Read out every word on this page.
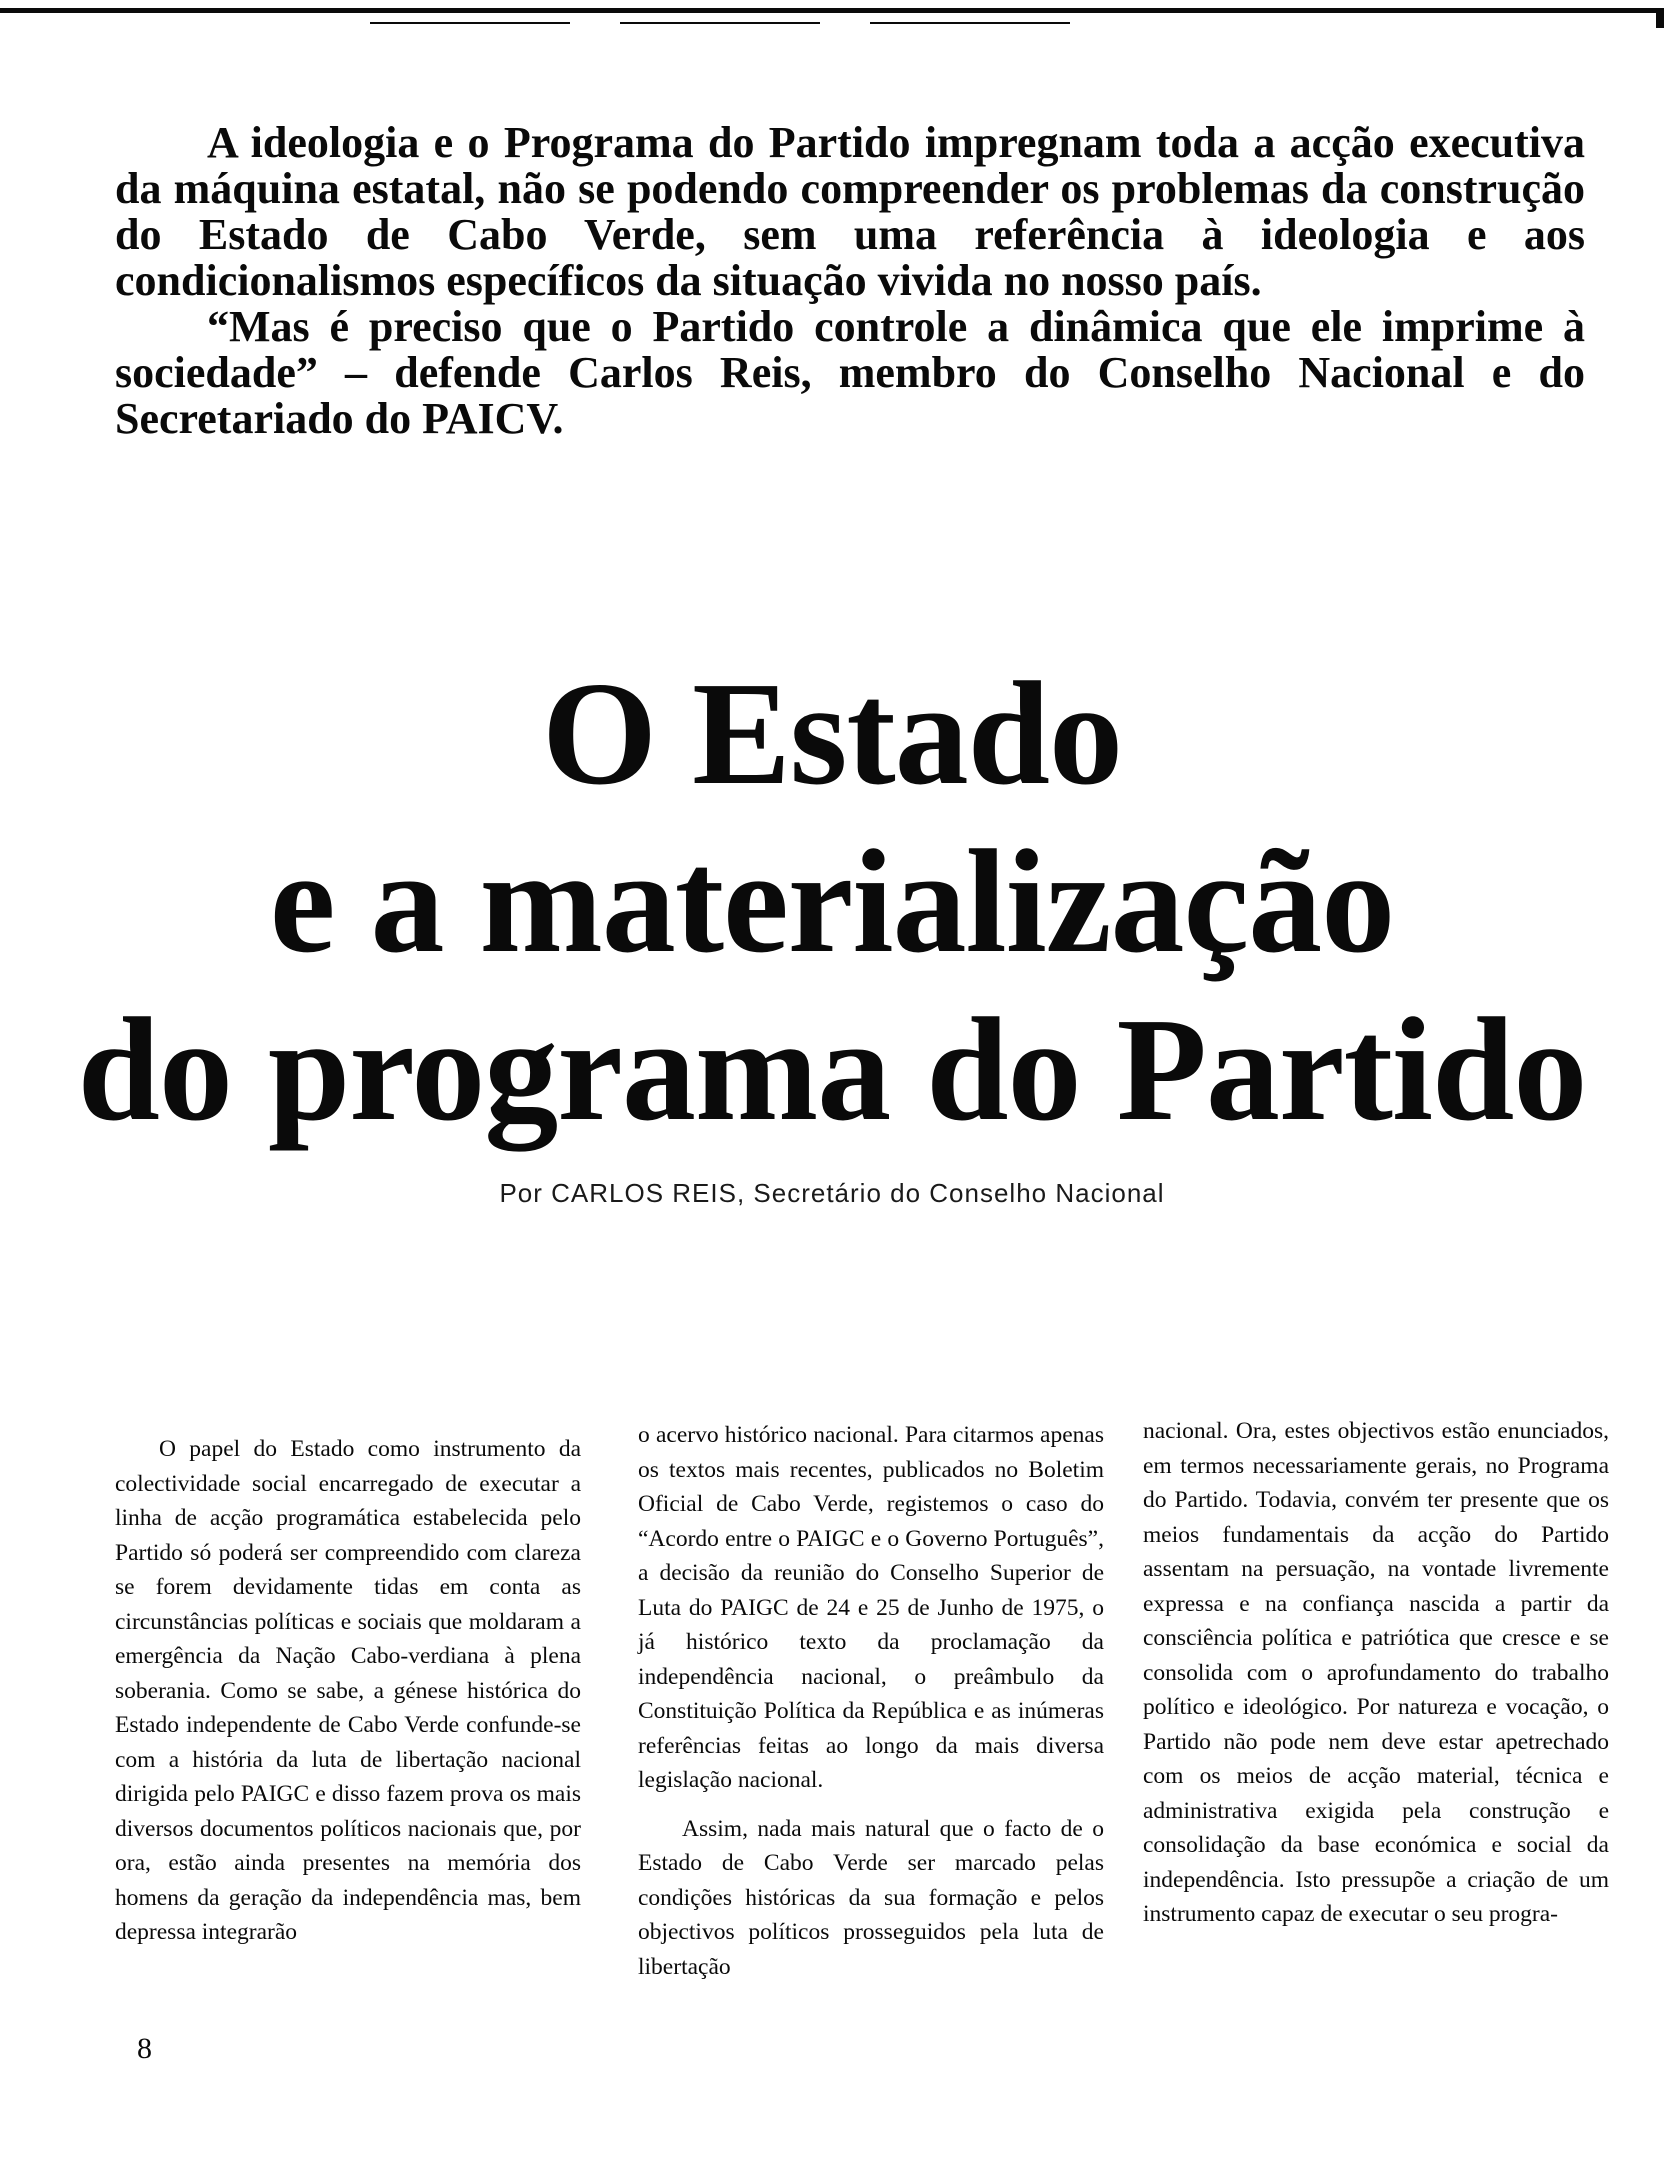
A ideologia e o Programa do Partido impregnam toda a acção executiva da máquina estatal, não se podendo compreender os problemas da construção do Estado de Cabo Verde, sem uma referência à ideologia e aos condicionalismos específicos da situação vivida no nosso país.

“Mas é preciso que o Partido controle a dinâmica que ele imprime à sociedade” – defende Carlos Reis, membro do Conselho Nacional e do Secretariado do PAICV.

O Estado
e a materialização
do programa do Partido
Por CARLOS REIS, Secretário do Conselho Nacional

O papel do Estado como instrumento da colectividade social encarregado de executar a linha de acção programática estabelecida pelo Partido só poderá ser compreendido com clareza se forem devidamente tidas em conta as circunstâncias políticas e sociais que moldaram a emergência da Nação Cabo-verdiana à plena soberania. Como se sabe, a génese histórica do Estado independente de Cabo Verde confunde-se com a história da luta de libertação nacional dirigida pelo PAIGC e disso fazem prova os mais diversos documentos políticos nacionais que, por ora, estão ainda presentes na memória dos homens da geração da independência mas, bem depressa integrarão

o acervo histórico nacional. Para citarmos apenas os textos mais recentes, publicados no Boletim Oficial de Cabo Verde, registemos o caso do “Acordo entre o PAIGC e o Governo Português”, a decisão da reunião do Conselho Superior de Luta do PAIGC de 24 e 25 de Junho de 1975, o já histórico texto da proclamação da independência nacional, o preâmbulo da Constituição Política da República e as inúmeras referências feitas ao longo da mais diversa legislação nacional.

Assim, nada mais natural que o facto de o Estado de Cabo Verde ser marcado pelas condições históricas da sua formação e pelos objectivos políticos prosseguidos pela luta de libertação

nacional. Ora, estes objectivos estão enunciados, em termos necessariamente gerais, no Programa do Partido. Todavia, convém ter presente que os meios fundamentais da acção do Partido assentam na persuação, na vontade livremente expressa e na confiança nascida a partir da consciência política e patriótica que cresce e se consolida com o aprofundamento do trabalho político e ideológico. Por natureza e vocação, o Partido não pode nem deve estar apetrechado com os meios de acção material, técnica e administrativa exigida pela construção e consolidação da base económica e social da independência. Isto pressupõe a criação de um instrumento capaz de executar o seu progra-

8
